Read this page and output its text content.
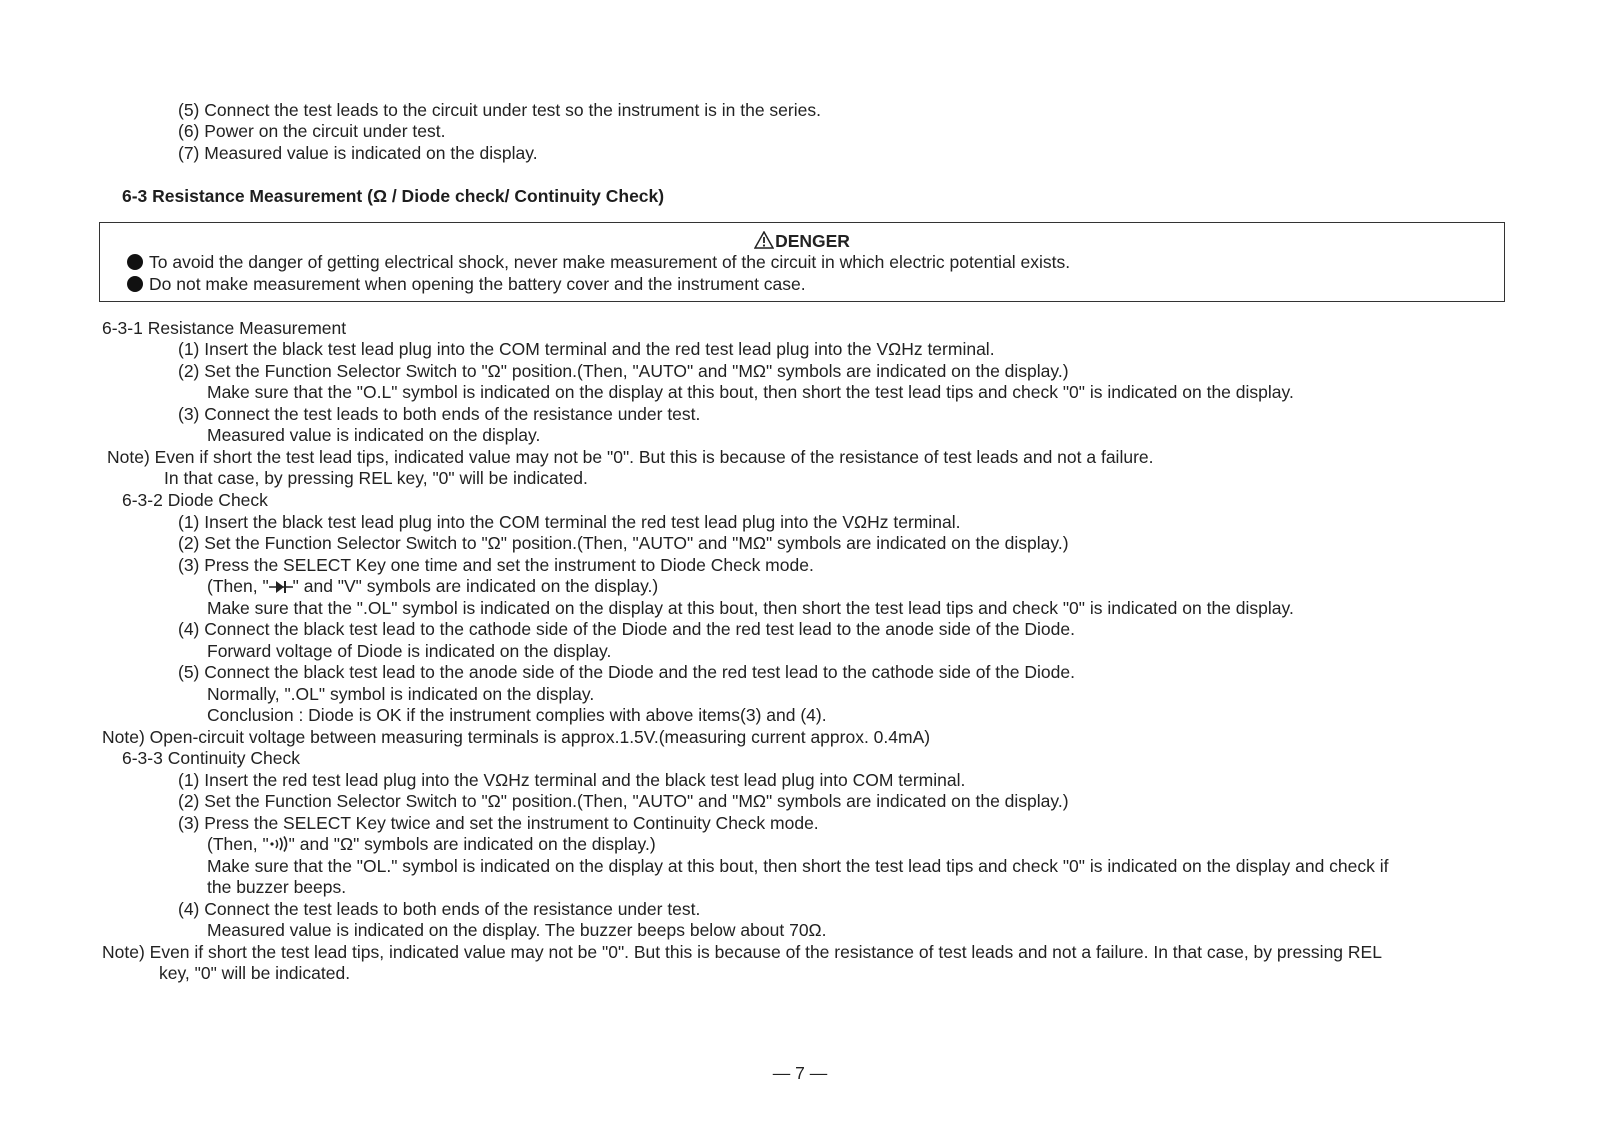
(5) Connect the test leads to the circuit under test so the instrument is in the series.
(6) Power on the circuit under test.
(7) Measured value is indicated on the display.
6-3 Resistance Measurement (Ω / Diode check/ Continuity Check)
DENGER
To avoid the danger of getting electrical shock, never make measurement of the circuit in which electric potential exists.
Do not make measurement when opening the battery cover and the instrument case.
6-3-1 Resistance Measurement
(1) Insert the black test lead plug into the COM terminal and the red test lead plug into the VΩHz terminal.
(2) Set the Function Selector Switch to "Ω" position.(Then, "AUTO" and "MΩ" symbols are indicated on the display.)
Make sure that the "O.L" symbol is indicated on the display at this bout, then short the test lead tips and check "0" is indicated on the display.
(3) Connect the test leads to both ends of the resistance under test.
Measured value is indicated on the display.
Note) Even if short the test lead tips, indicated value may not be "0". But this is because of the resistance of test leads and not a failure.
In that case, by pressing REL key, "0" will be indicated.
6-3-2 Diode Check
(1) Insert the black test lead plug into the COM terminal the red test lead plug into the VΩHz terminal.
(2) Set the Function Selector Switch to "Ω" position.(Then, "AUTO" and "MΩ" symbols are indicated on the display.)
(3) Press the SELECT Key one time and set the instrument to Diode Check mode.
(Then, " " and "V" symbols are indicated on the display.)
Make sure that the ".OL" symbol is indicated on the display at this bout, then short the test lead tips and check "0" is indicated on the display.
(4) Connect the black test lead to the cathode side of the Diode and the red test lead to the anode side of the Diode.
Forward voltage of Diode is indicated on the display.
(5) Connect the black test lead to the anode side of the Diode and the red test lead to the cathode side of the Diode.
Normally, ".OL" symbol is indicated on the display.
Conclusion : Diode is OK if the instrument complies with above items(3) and (4).
Note) Open-circuit voltage between measuring terminals is approx.1.5V.(measuring current approx. 0.4mA)
6-3-3 Continuity Check
(1) Insert the red test lead plug into the VΩHz terminal and the black test lead plug into COM terminal.
(2) Set the Function Selector Switch to "Ω" position.(Then, "AUTO" and "MΩ" symbols are indicated on the display.)
(3) Press the SELECT Key twice and set the instrument to Continuity Check mode.
(Then, " " and "Ω" symbols are indicated on the display.)
Make sure that the "OL." symbol is indicated on the display at this bout, then short the test lead tips and check "0" is indicated on the display and check if
the buzzer beeps.
(4) Connect the test leads to both ends of the resistance under test.
Measured value is indicated on the display. The buzzer beeps below about 70Ω.
Note) Even if short the test lead tips, indicated value may not be "0". But this is because of the resistance of test leads and not a failure. In that case, by pressing REL
key, "0" will be indicated.
— 7 —
